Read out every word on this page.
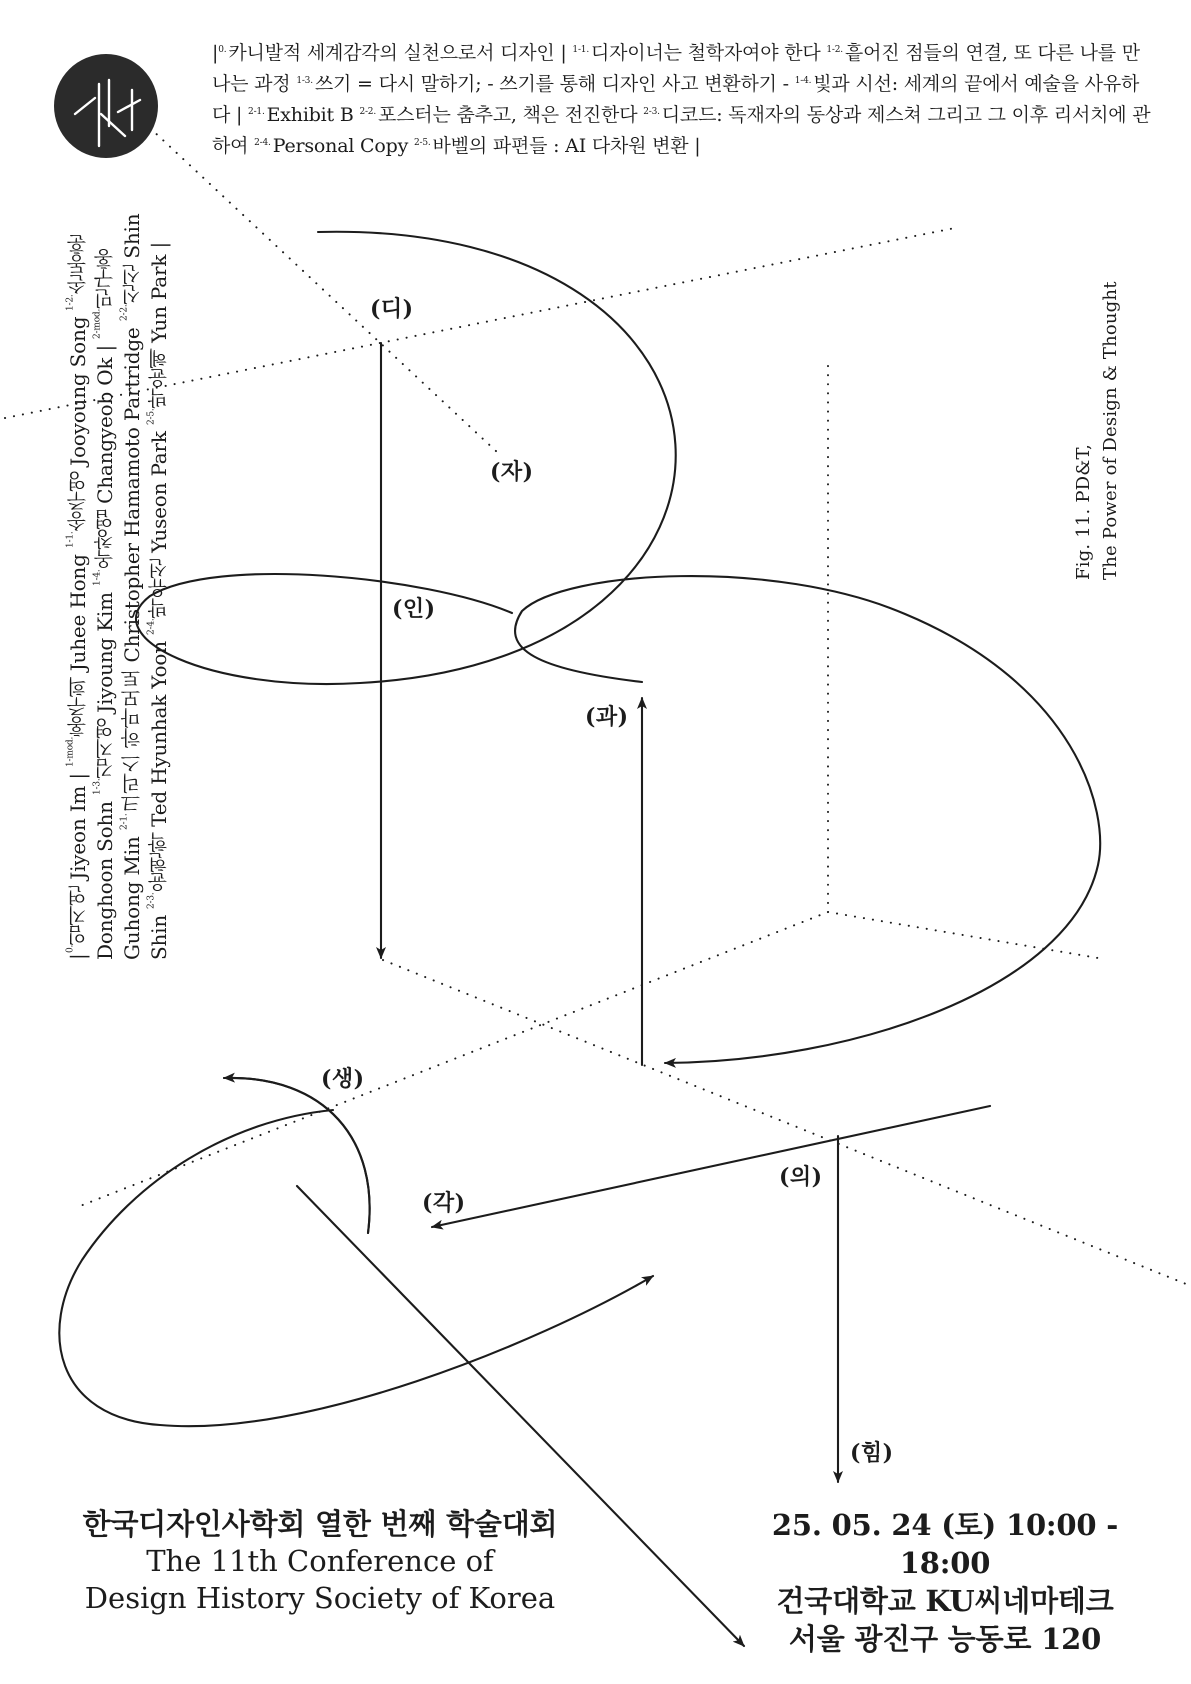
$|^{0.}$ 카니발적 세계감각의 실천으로서 디자인 | $^{1-1.}$ 디자이너는 철학자여야 한다 $^{1-2.}$ 흩어진 점들의 연결, 또 다른 나를 만나는 과정 $^{1-3.}$ 쓰기 = 다시 말하기; - 쓰기를 통해 디자인 사고 변환하기 - $^{1-4.}$ 빛과 시선: 세계의 끝에서 예술을 사유하다 | $^{2-1.}$ Exhibit B $^{2-2.}$ 포스터는 춤추고, 책은 전진한다 $^{2-3.}$ 디코드: 독재자의 동상과 제스쳐 그리고 그 이후 리서치에 관하여 $^{2-4.}$ Personal Copy $^{2-5.}$ 바벨의 파편들 : AI 다차원 변환 |
$|^{0.}$임지연 Jiyeon Im | $^{1-mod.}$홍주희 Juhee Hong $^{1-1.}$송주영 Jooyoung Song $^{1-2.}$손동훈 Donghoon Sohn $^{1-3.}$김지영 Jiyoung Kim $^{1-4.}$옥창엽 Changyeob Ok | $^{2-mod.}$민구홍 Guhong Min $^{2-1.}$크리스 하마모토 Christopher Hamamoto Partridge $^{2-2.}$신신 Shin Shin $^{2-3.}$윤현학 Ted Hyunhak Yoon $^{2-4.}$박유선 Yuseon Park $^{2-5.}$박윤혜 Yun Park |
Fig. 11. PD&T, The Power of Design & Thought
(디)
(자)
(인)
(과)
(생)
(각)
(의)
(힘)
한국디자인사학회 열한 번째 학술대회
The 11th Conference of
Design History Society of Korea
25. 05. 24 (토) 10:00 - 18:00
건국대학교 KU씨네마테크
서울 광진구 능동로 120
